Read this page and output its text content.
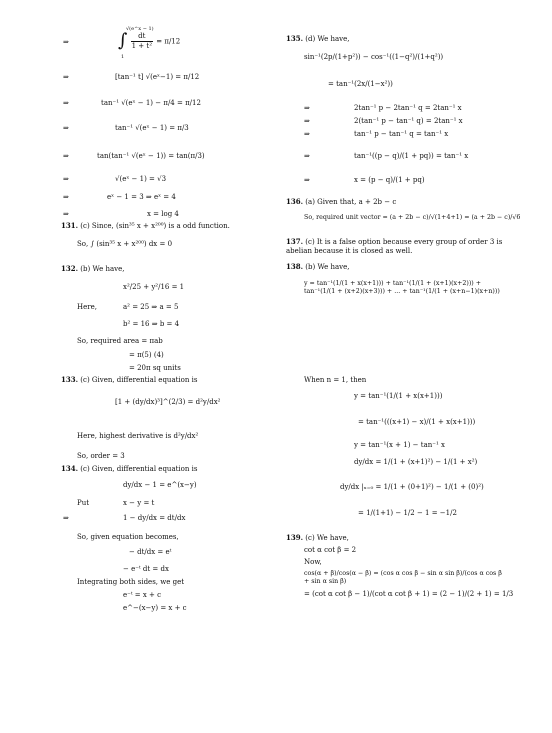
⇒
√(e^x − 1)
∫
1
$\frac{dt}{\text{1 + t²}} = \pi/12$
⇒	[tan⁻¹ t] √(eˣ−1) = π/12
⇒	tan⁻¹ √(eˣ − 1) − π/4 = π/12
⇒	tan⁻¹ √(eˣ − 1) = π/3
⇒	tan(tan⁻¹ √(eˣ − 1)) = tan(π/3)
⇒	√(eˣ − 1) = √3
⇒	eˣ − 1 = 3 ⇒ eˣ = 4
⇒	x = log 4
131. (c) Since, (sin³⁵ x + x²⁰⁰) is a odd function.
So, ∫ (sin³⁵ x + x²⁰⁰) dx = 0
132. (b) We have,
x²/25 + y²/16 = 1
Here,	a² = 25 ⇒ a = 5
b² = 16 ⇒ b = 4
So, required area = πab
= π(5) (4)
= 20π sq units
133. (c) Given, differential equation is
[1 + (dy/dx)³]^(2/3) = d²y/dx²
Here, highest derivative is d²y/dx²
So, order = 3
134. (c) Given, differential equation is
dy/dx − 1 = e^(x−y)
Put	x − y = t
⇒	1 − dy/dx = dt/dx
So, given equation becomes,
− dt/dx = eᵗ
− e⁻ᵗ dt = dx
Integrating both sides, we get
e⁻ᵗ = x + c
e^−(x−y) = x + c
135. (d) We have,
sin⁻¹(2p/(1+p²)) − cos⁻¹((1−q²)/(1+q²))
= tan⁻¹(2x/(1−x²))
⇒	2tan⁻¹ p − 2tan⁻¹ q = 2tan⁻¹ x
⇒	2(tan⁻¹ p − tan⁻¹ q) = 2tan⁻¹ x
⇒	tan⁻¹ p − tan⁻¹ q = tan⁻¹ x
⇒	tan⁻¹((p − q)/(1 + pq)) = tan⁻¹ x
⇒	x = (p − q)/(1 + pq)
136. (a) Given that, a + 2b − c
So, required unit vector = (a + 2b − c)/√(1+4+1) = (a + 2b − c)/√6
137. (c) It is a false option because every group of order 3 is abelian because it is closed as well.
138. (b) We have,
y = tan⁻¹(1/(1 + x(x+1))) + tan⁻¹(1/(1 + (x+1)(x+2))) + tan⁻¹(1/(1 + (x+2)(x+3))) + ... + tan⁻¹(1/(1 + (x+n−1)(x+n)))
When n = 1, then
y = tan⁻¹(1/(1 + x(x+1)))
= tan⁻¹(((x+1) − x)/(1 + x(x+1)))
y = tan⁻¹(x + 1) − tan⁻¹ x
dy/dx = 1/(1 + (x+1)²) − 1/(1 + x²)
dy/dx |ₓ₌₀ = 1/(1 + (0+1)²) − 1/(1 + (0)²)
= 1/(1+1) − 1/2 − 1 = −1/2
139. (c) We have,
cot α cot β = 2
Now,
cos(α + β)/cos(α − β) = (cos α cos β − sin α sin β)/(cos α cos β + sin α sin β)
= (cot α cot β − 1)/(cot α cot β + 1) = (2 − 1)/(2 + 1) = 1/3
